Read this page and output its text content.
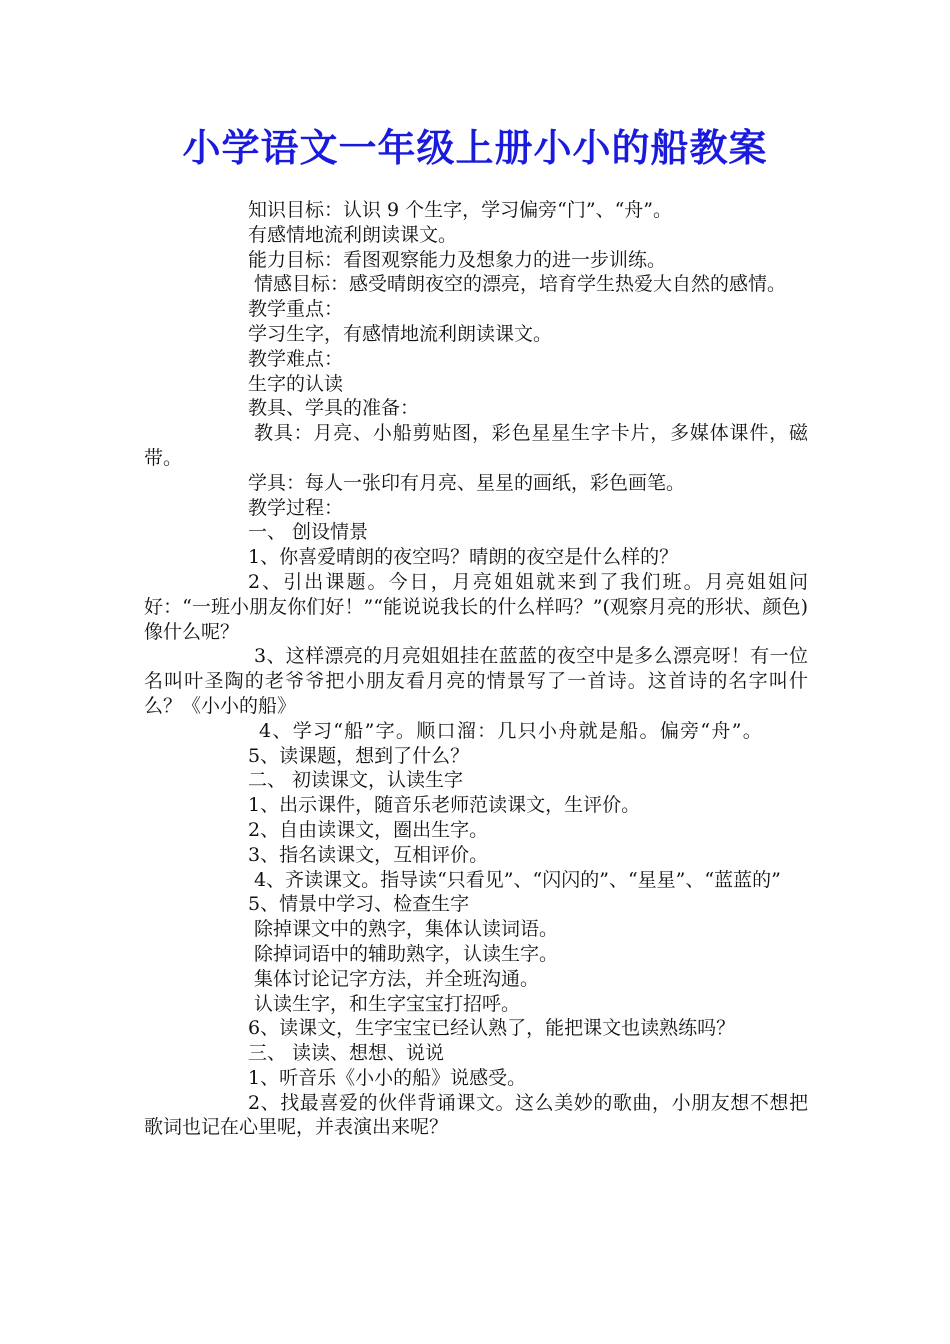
小学语文一年级上册小小的船教案

知识目标：认识 9 个生字，学习偏旁“门”、“舟”。

有感情地流利朗读课文。

能力目标：看图观察能力及想象力的进一步训练。

情感目标：感受晴朗夜空的漂亮，培育学生热爱大自然的感情。

教学重点：

学习生字，有感情地流利朗读课文。

教学难点：

生字的认读

教具、学具的准备：

教具：月亮、小船剪贴图，彩色星星生字卡片，多媒体课件，磁带。

学具：每人一张印有月亮、星星的画纸，彩色画笔。

教学过程：

一、 创设情景

1、你喜爱晴朗的夜空吗？晴朗的夜空是什么样的？

2、引出课题。今日，月亮姐姐就来到了我们班。月亮姐姐问好：“一班小朋友你们好！”“能说说我长的什么样吗？”(观察月亮的形状、颜色)像什么呢？

3、这样漂亮的月亮姐姐挂在蓝蓝的夜空中是多么漂亮呀！有一位名叫叶圣陶的老爷爷把小朋友看月亮的情景写了一首诗。这首诗的名字叫什么？《小小的船》

4、学习“船”字。顺口溜：几只小舟就是船。偏旁“舟”。

5、读课题，想到了什么？

二、 初读课文，认读生字

1、出示课件，随音乐老师范读课文，生评价。

2、自由读课文，圈出生字。

3、指名读课文，互相评价。

4、齐读课文。指导读“只看见”、“闪闪的”、“星星”、“蓝蓝的”

5、情景中学习、检查生字

除掉课文中的熟字，集体认读词语。

除掉词语中的辅助熟字，认读生字。

集体讨论记字方法，并全班沟通。

认读生字，和生字宝宝打招呼。

6、读课文，生字宝宝已经认熟了，能把课文也读熟练吗？

三、 读读、想想、说说

1、听音乐《小小的船》说感受。

2、找最喜爱的伙伴背诵课文。这么美妙的歌曲，小朋友想不想把歌词也记在心里呢，并表演出来呢？
